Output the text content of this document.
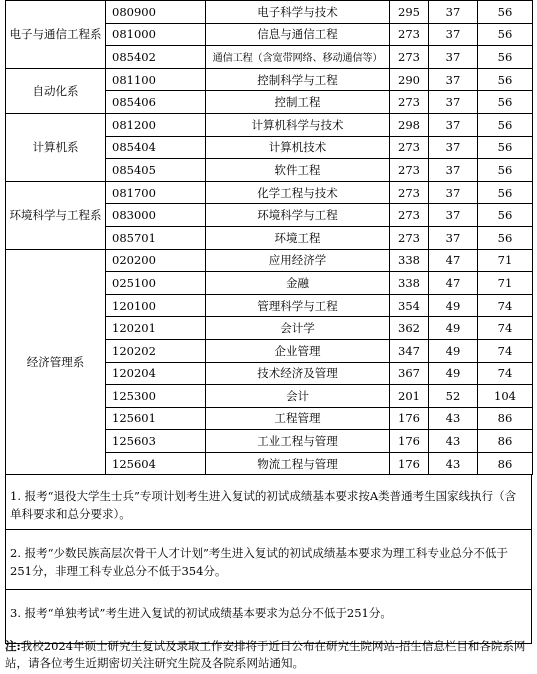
电子与通信工程系	080900	电子科学与技术	295	37	56
	081000	信息与通信工程	273	37	56
	085402	通信工程（含宽带网络、移动通信等）	273	37	56
自动化系	081100	控制科学与工程	290	37	56
	085406	控制工程	273	37	56
计算机系	081200	计算机科学与技术	298	37	56
	085404	计算机技术	273	37	56
	085405	软件工程	273	37	56
环境科学与工程系	081700	化学工程与技术	273	37	56
	083000	环境科学与工程	273	37	56
	085701	环境工程	273	37	56
经济管理系	020200	应用经济学	338	47	71
	025100	金融	338	47	71
	120100	管理科学与工程	354	49	74
	120201	会计学	362	49	74
	120202	企业管理	347	49	74
	120204	技术经济及管理	367	49	74
	125300	会计	201	52	104
	125601	工程管理	176	43	86
	125603	工业工程与管理	176	43	86
	125604	物流工程与管理	176	43	86
1. 报考“退役大学生士兵”专项计划考生进入复试的初试成绩基本要求按A类普通考生国家线执行（含单科要求和总分要求）。
2. 报考“少数民族高层次骨干人才计划”考生进入复试的初试成绩基本要求为理工科专业总分不低于251分，非理工科专业总分不低于354分。
3. 报考“单独考试”考生进入复试的初试成绩基本要求为总分不低于251分。
注:我校2024年硕士研究生复试及录取工作安排将于近日公布在研究生院网站-招生信息栏目和各院系网站，请各位考生近期密切关注研究生院及各院系网站通知。
